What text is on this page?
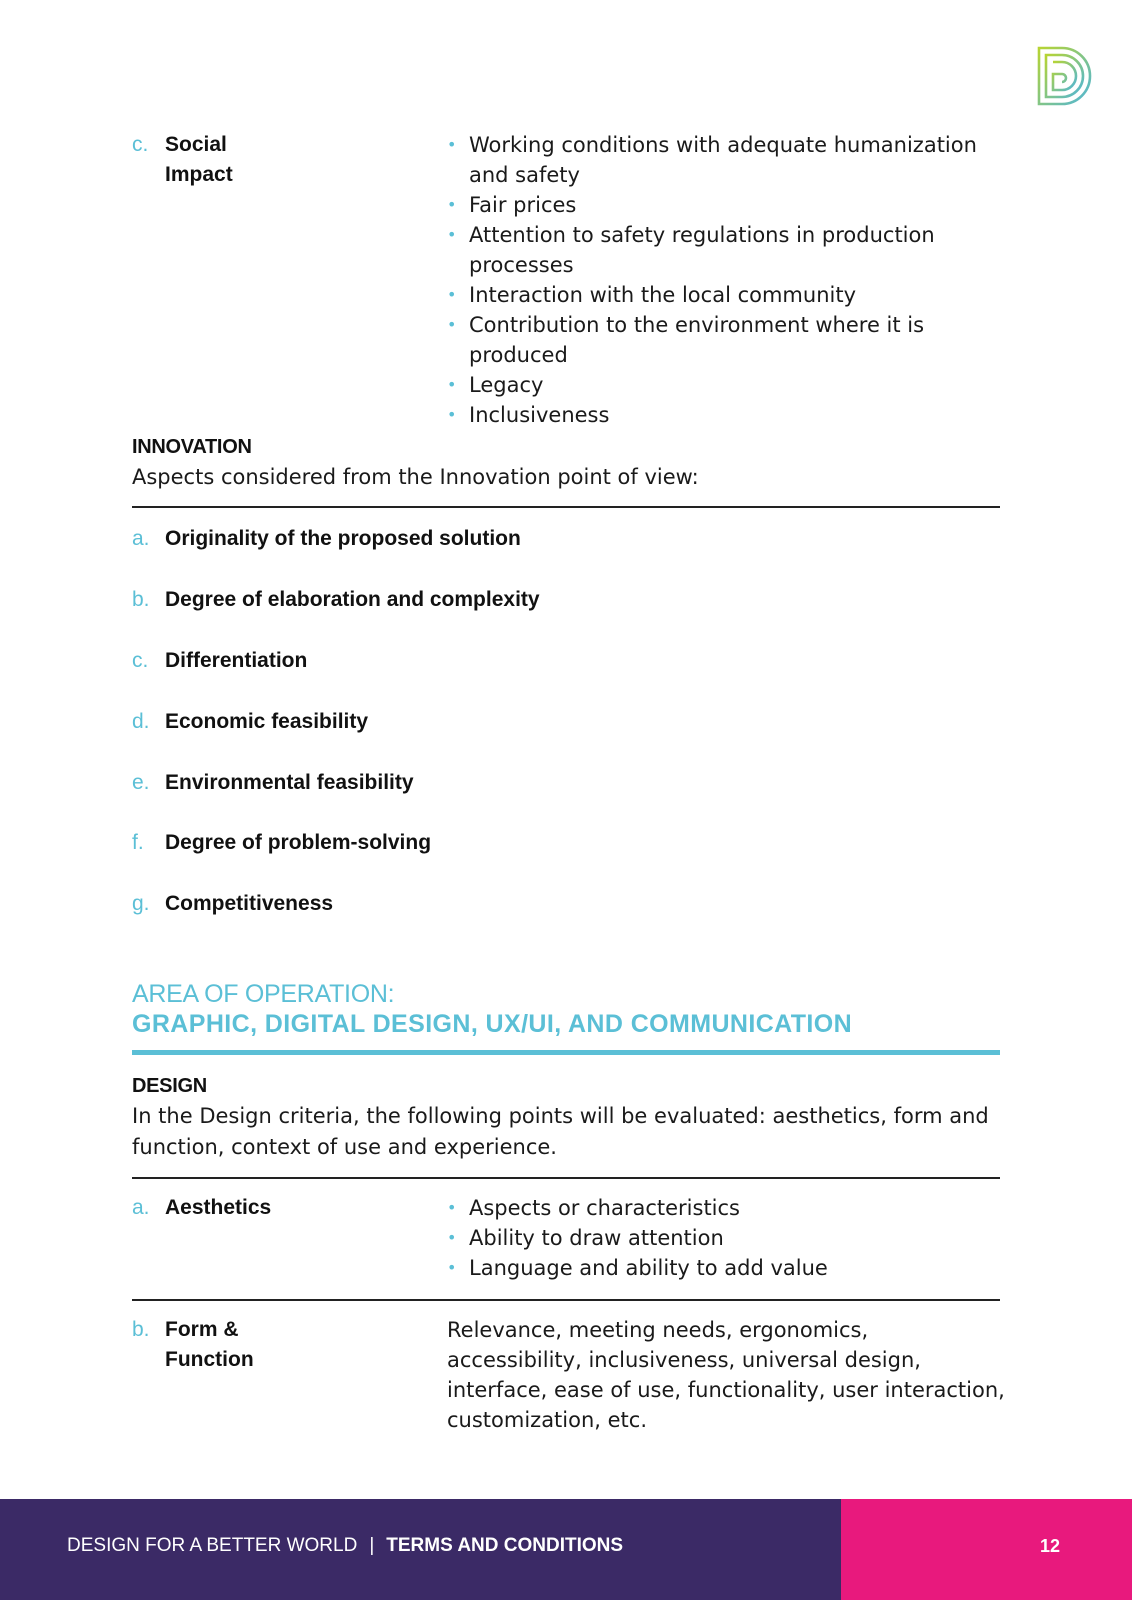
c. Social
Impact
• Working conditions with adequate humanization and safety
• Fair prices
• Attention to safety regulations in production processes
• Interaction with the local community
• Contribution to the environment where it is produced
• Legacy
• Inclusiveness
INNOVATION
Aspects considered from the Innovation point of view:
a. Originality of the proposed solution
b. Degree of elaboration and complexity
c. Differentiation
d. Economic feasibility
e. Environmental feasibility
f. Degree of problem-solving
g. Competitiveness
AREA OF OPERATION:
GRAPHIC, DIGITAL DESIGN, UX/UI, AND COMMUNICATION
DESIGN
In the Design criteria, the following points will be evaluated: aesthetics, form and function, context of use and experience.
a. Aesthetics
•	Aspects or characteristics
• Ability to draw attention
• Language and ability to add value
b. Form &
Function
Relevance, meeting needs, ergonomics, accessibility, inclusiveness, universal design, interface, ease of use, functionality, user interaction, customization, etc.
DESIGN FOR A BETTER WORLD | TERMS AND CONDITIONS	12
